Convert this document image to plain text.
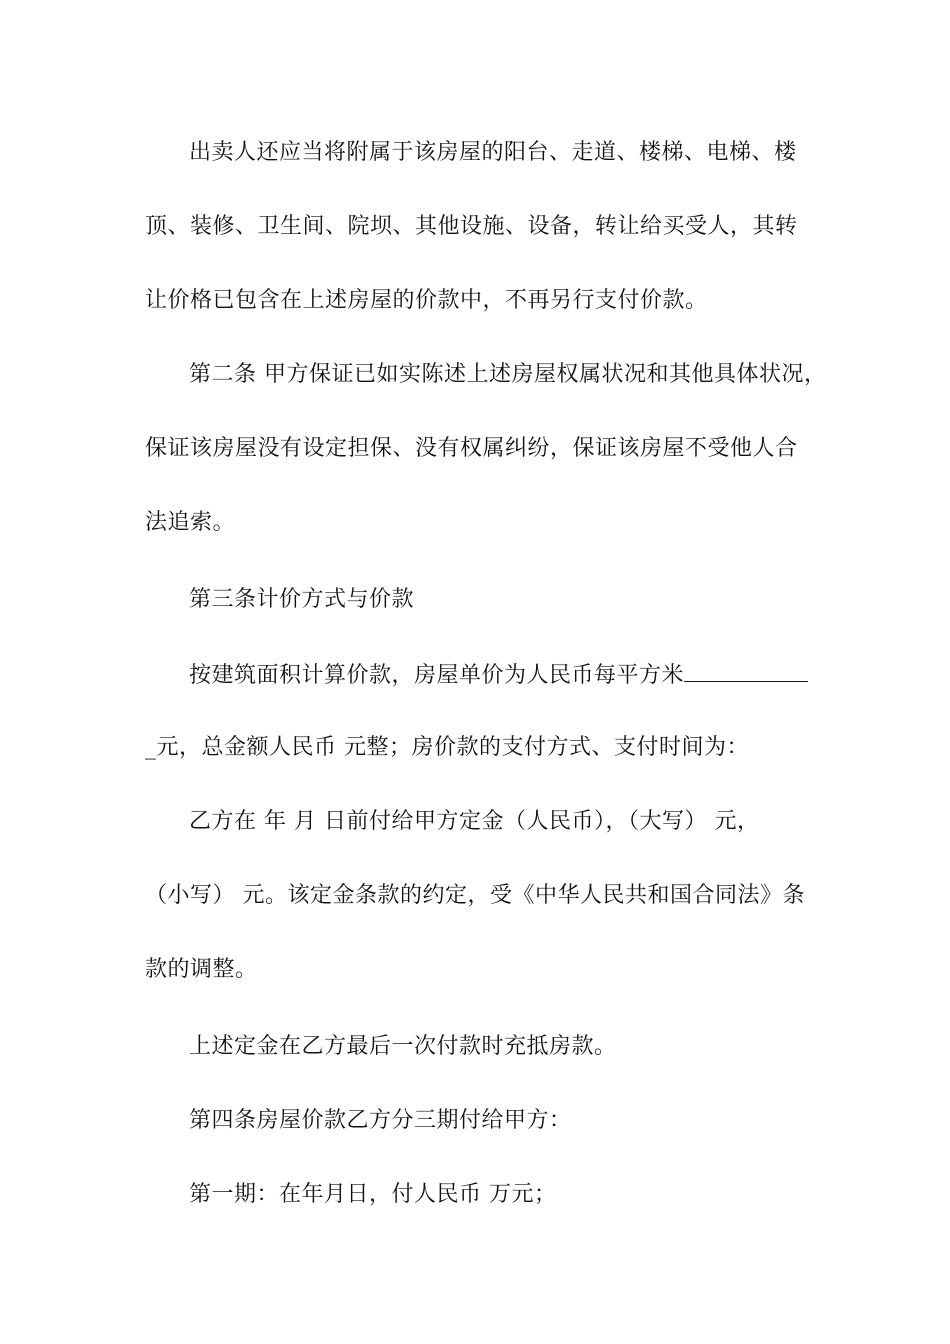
出卖人还应当将附属于该房屋的阳台、走道、楼梯、电梯、楼
顶、装修、卫生间、院坝、其他设施、设备，转让给买受人，其转
让价格已包含在上述房屋的价款中，不再另行支付价款。
第二条 甲方保证已如实陈述上述房屋权属状况和其他具体状况，
保证该房屋没有设定担保、没有权属纠纷，保证该房屋不受他人合
法追索。
第三条计价方式与价款
按建筑面积计算价款，房屋单价为人民币每平方米
_元，总金额人民币 元整；房价款的支付方式、支付时间为：
乙方在 年 月 日前付给甲方定金（人民币），（大写） 元，
（小写） 元。该定金条款的约定，受《中华人民共和国合同法》条
款的调整。
上述定金在乙方最后一次付款时充抵房款。
第四条房屋价款乙方分三期付给甲方：
第一期：在年月日，付人民币 万元；
